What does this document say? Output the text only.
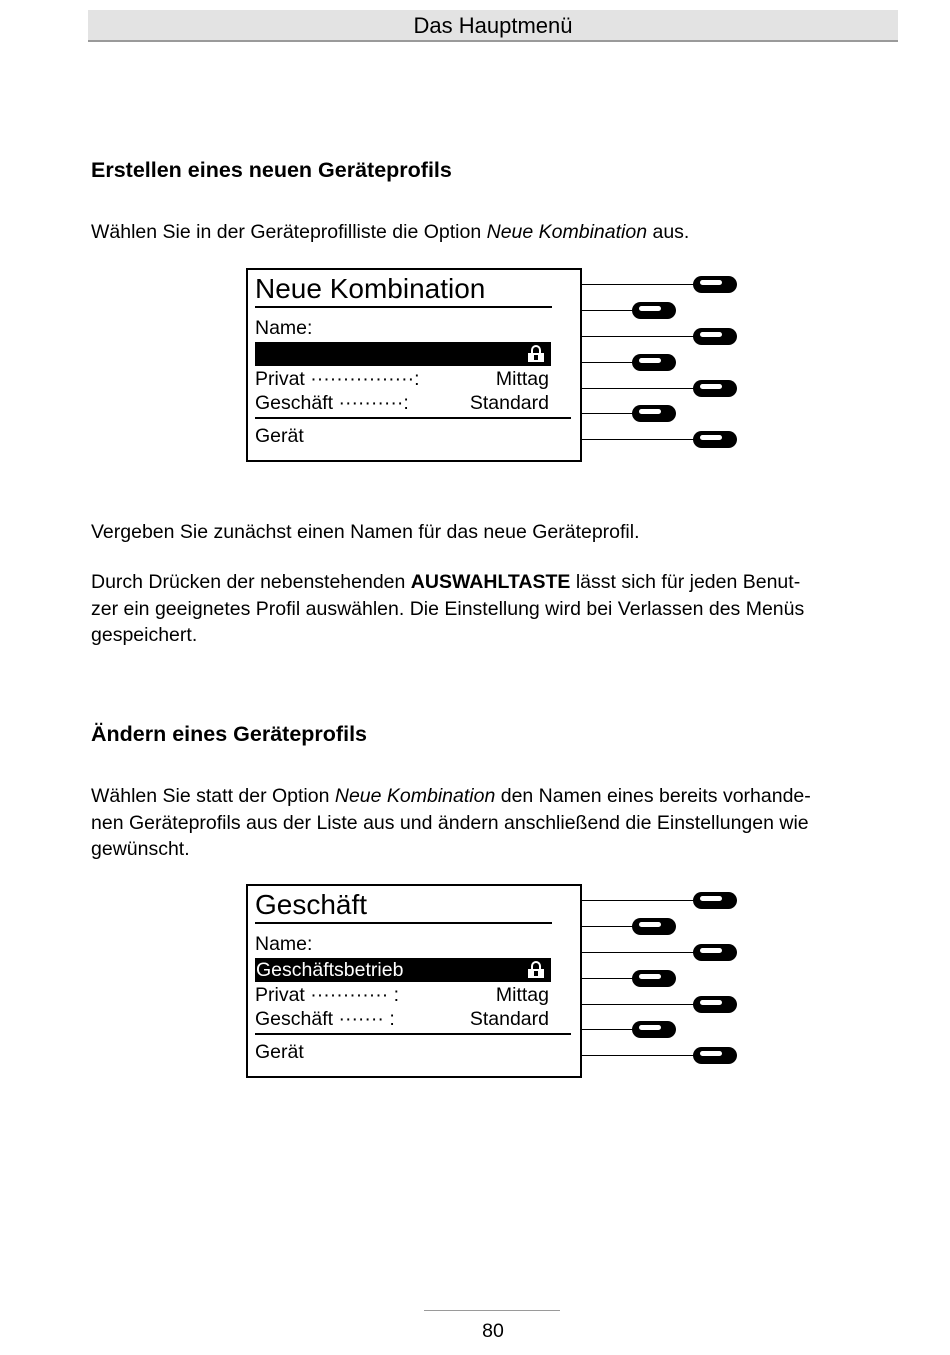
Das Hauptmenü
Erstellen eines neuen Geräteprofils
Wählen Sie in der Geräteprofilliste die Option Neue Kombination aus.
Neue Kombination
Name:
Privat ················:	Mittag
Geschäft ··········:	Standard
Gerät
Vergeben Sie zunächst einen Namen für das neue Geräteprofil.
Durch Drücken der nebenstehenden AUSWAHLTASTE lässt sich für jeden Benut-
zer ein geeignetes Profil auswählen. Die Einstellung wird bei Verlassen des Menüs
gespeichert.
Ändern eines Geräteprofils
Wählen Sie statt der Option Neue Kombination den Namen eines bereits vorhande-
nen Geräteprofils aus der Liste aus und ändern anschließend die Einstellungen wie
gewünscht.
Geschäft
Name:
Geschäftsbetrieb
Privat ············ :	Mittag
Geschäft ······· :	Standard
Gerät
80
